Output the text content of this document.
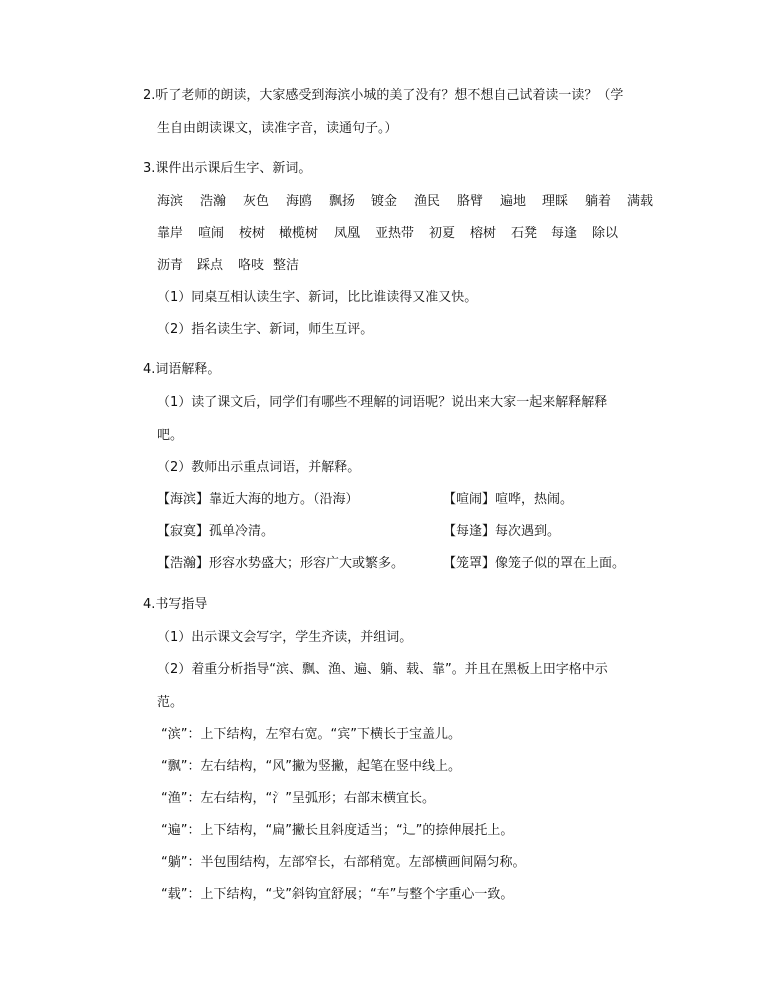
2.听了老师的朗读，大家感受到海滨小城的美了没有？想不想自己试着读一读？（学
生自由朗读课文，读准字音，读通句子。）
3.课件出示课后生字、新词。
海滨 浩瀚 灰色 海鸥 飘扬 镀金 渔民 胳臂 遍地 理睬 躺着 满载
靠岸 喧闹 桉树 橄榄树 凤凰 亚热带 初夏 榕树 石凳 每逢 除以
沥青 踩点 咯吱 整洁
（1）同桌互相认读生字、新词，比比谁读得又准又快。
（2）指名读生字、新词，师生互评。
4.词语解释。
（1）读了课文后，同学们有哪些不理解的词语呢？说出来大家一起来解释解释
吧。
（2）教师出示重点词语，并解释。
【海滨】靠近大海的地方。（沿海）	【喧闹】喧哗，热闹。
【寂寞】孤单冷清。	【每逢】每次遇到。
【浩瀚】形容水势盛大；形容广大或繁多。	【笼罩】像笼子似的罩在上面。
4.书写指导
（1）出示课文会写字，学生齐读，并组词。
（2）着重分析指导“滨、飘、渔、遍、躺、载、靠”。并且在黑板上田字格中示
范。
“滨”：上下结构，左窄右宽。“宾”下横长于宝盖儿。
“飘”：左右结构，“风”撇为竖撇，起笔在竖中线上。
“渔”：左右结构，“氵”呈弧形；右部末横宜长。
“遍”：上下结构，“扁”撇长且斜度适当；“辶”的捺伸展托上。
“躺”：半包围结构，左部窄长，右部稍宽。左部横画间隔匀称。
“载”：上下结构，“戈”斜钩宜舒展；“车”与整个字重心一致。
